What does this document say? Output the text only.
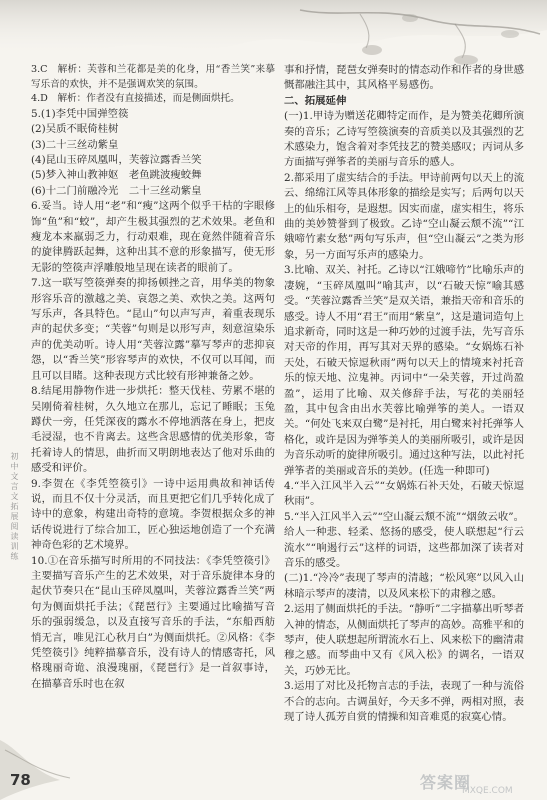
3.C　解析：芙蓉和兰花都是美的化身，用“香兰笑”来摹写乐音的欢快，并不是强调欢笑的氛围。

4.D　解析：作者没有直接描述，而是侧面烘托。

5.(1)李凭中国弹箜篌

(2)吴质不眠倚桂树

(3)二十三丝动紫皇

(4)昆山玉碎凤凰叫，芙蓉泣露香兰笑

(5)梦入神山教神妪　老鱼跳波瘦蛟舞

(6)十二门前融冷光　二十三丝动紫皇

6.妥当。诗人用“老”和“瘦”这两个似乎干枯的字眼修饰“鱼”和“蛟”，却产生极其强烈的艺术效果。老鱼和瘦龙本来羸弱乏力，行动艰难，现在竟然伴随着音乐的旋律腾跃起舞，这种出其不意的形象描写，使无形无影的箜篌声浮雕般地呈现在读者的眼前了。

7.这一联写箜篌弹奏的抑扬顿挫之音，用华美的物象形容乐音的激越之美、哀怨之美、欢快之美。这两句写乐声，各具特色。“昆山”句以声写声，着重表现乐声的起伏多变；“芙蓉”句则是以形写声，刻意渲染乐声的优美动听。诗人用“芙蓉泣露”摹写琴声的悲抑哀怨，以“香兰笑”形容琴声的欢快，不仅可以耳闻，而且可以目睹。这种表现方式比较有形神兼备之妙。

8.结尾用静物作进一步烘托：整天伐桂、劳累不堪的吴刚倚着桂树，久久地立在那儿，忘记了睡眠；玉兔蹲伏一旁，任凭深夜的露水不停地洒落在身上，把皮毛浸湿，也不肯离去。这些含思感情的优美形象，寄托着诗人的情思，曲折而又明朗地表达了他对乐曲的感受和评价。

9.李贺在《李凭箜篌引》一诗中运用典故和神话传说，而且不仅十分灵活，而且更把它们几乎转化成了诗中的意象，构建出奇特的意境。李贺根据众多的神话传说进行了综合加工，匠心独运地创造了一个充满神奇色彩的艺术境界。

10.①在音乐描写时所用的不同技法：《李凭箜篌引》主要描写音乐产生的艺术效果，对于音乐旋律本身的起伏节奏只在“昆山玉碎凤凰叫，芙蓉泣露香兰笑”两句为侧面烘托手法；《琵琶行》主要通过比喻描写音乐的强弱缓急，以及直接写音乐的手法，“东船西舫悄无言，唯见江心秋月白”为侧面烘托。②风格：《李凭箜篌引》纯粹描摹音乐，没有诗人的情感寄托，风格瑰丽奇诡、浪漫瑰丽，《琵琶行》是一首叙事诗，在描摹音乐时也在叙

事和抒情，琵琶女弹奏时的情态动作和作者的身世感慨都融注其中，其风格平易感伤。

二、拓展延伸

(一)1.甲诗为赠送花卿特定而作，是为赞美花卿所演奏的音乐；乙诗写箜篌演奏的音质美以及其强烈的艺术感染力，饱含着对李凭技艺的赞美感叹；丙词从多方面描写弹筝者的美丽与音乐的感人。

2.都采用了虚实结合的手法。甲诗前两句以天上的流云、绵绵江风等具体形象的描绘是实写；后两句以天上的仙乐相夸，是遐想。因实而虚，虚实相生，将乐曲的美妙赞誉到了极致。乙诗“空山凝云颓不流”“江娥啼竹素女愁”两句写乐声，但“空山凝云”之类为形象，另一方面写乐声的感染力。

3.比喻、双关、衬托。乙诗以“江娥啼竹”比喻乐声的凄婉，“玉碎凤凰叫”喻其声，以“石破天惊”喻其感受。“芙蓉泣露香兰笑”是双关语，兼指天帝和音乐的感受。诗人不用“君王”而用“紫皇”，这是遣词造句上追求新奇，同时这是一种巧妙的过渡手法，先写音乐对天帝的作用，再写其对天界的感染。“女娲炼石补天处，石破天惊逗秋雨”两句以天上的情境来衬托音乐的惊天地、泣鬼神。丙词中“一朵芙蓉，开过尚盈盈”，运用了比喻、双关修辞手法，写花的美丽轻盈，其中包含由出水芙蓉比喻弹筝的美人。一语双关。“何处飞来双白鹭”是衬托，用白鹭来衬托弹筝人格化，或许是因为弹筝美人的美丽所吸引，或许是因为音乐动听的旋律所吸引。通过这种写法，以此衬托弹筝者的美丽或音乐的美妙。(任选一种即可)

4.“半入江风半入云”“女娲炼石补天处，石破天惊逗秋雨”。

5.“半入江风半入云”“空山凝云颓不流”“烟敛云收”。给人一种悲、轻柔、悠扬的感受，使人联想起“行云流水”“响遏行云”这样的词语，这些都加深了读者对音乐的感受。

(二)1.“冷冷”表现了琴声的清越；“松风寒”以风入山林暗示琴声的凄清，以及风来松下的肃穆之感。

2.运用了侧面烘托的手法。“静听”二字描摹出听琴者入神的情态，从侧面烘托了琴声的高妙。高雅平和的琴声，使人联想起所谓流水石上、风来松下的幽清肃穆之感。而琴曲中又有《风入松》的调名，一语双关，巧妙无比。

3.运用了对比及托物言志的手法，表现了一种与流俗不合的志向。古调虽好，今天多不弹，两相对照，表现了诗人孤芳自赏的情操和知音难觅的寂寞心情。

初中文言文拓展阅读训练
78	答案圈
MXQE.COM
